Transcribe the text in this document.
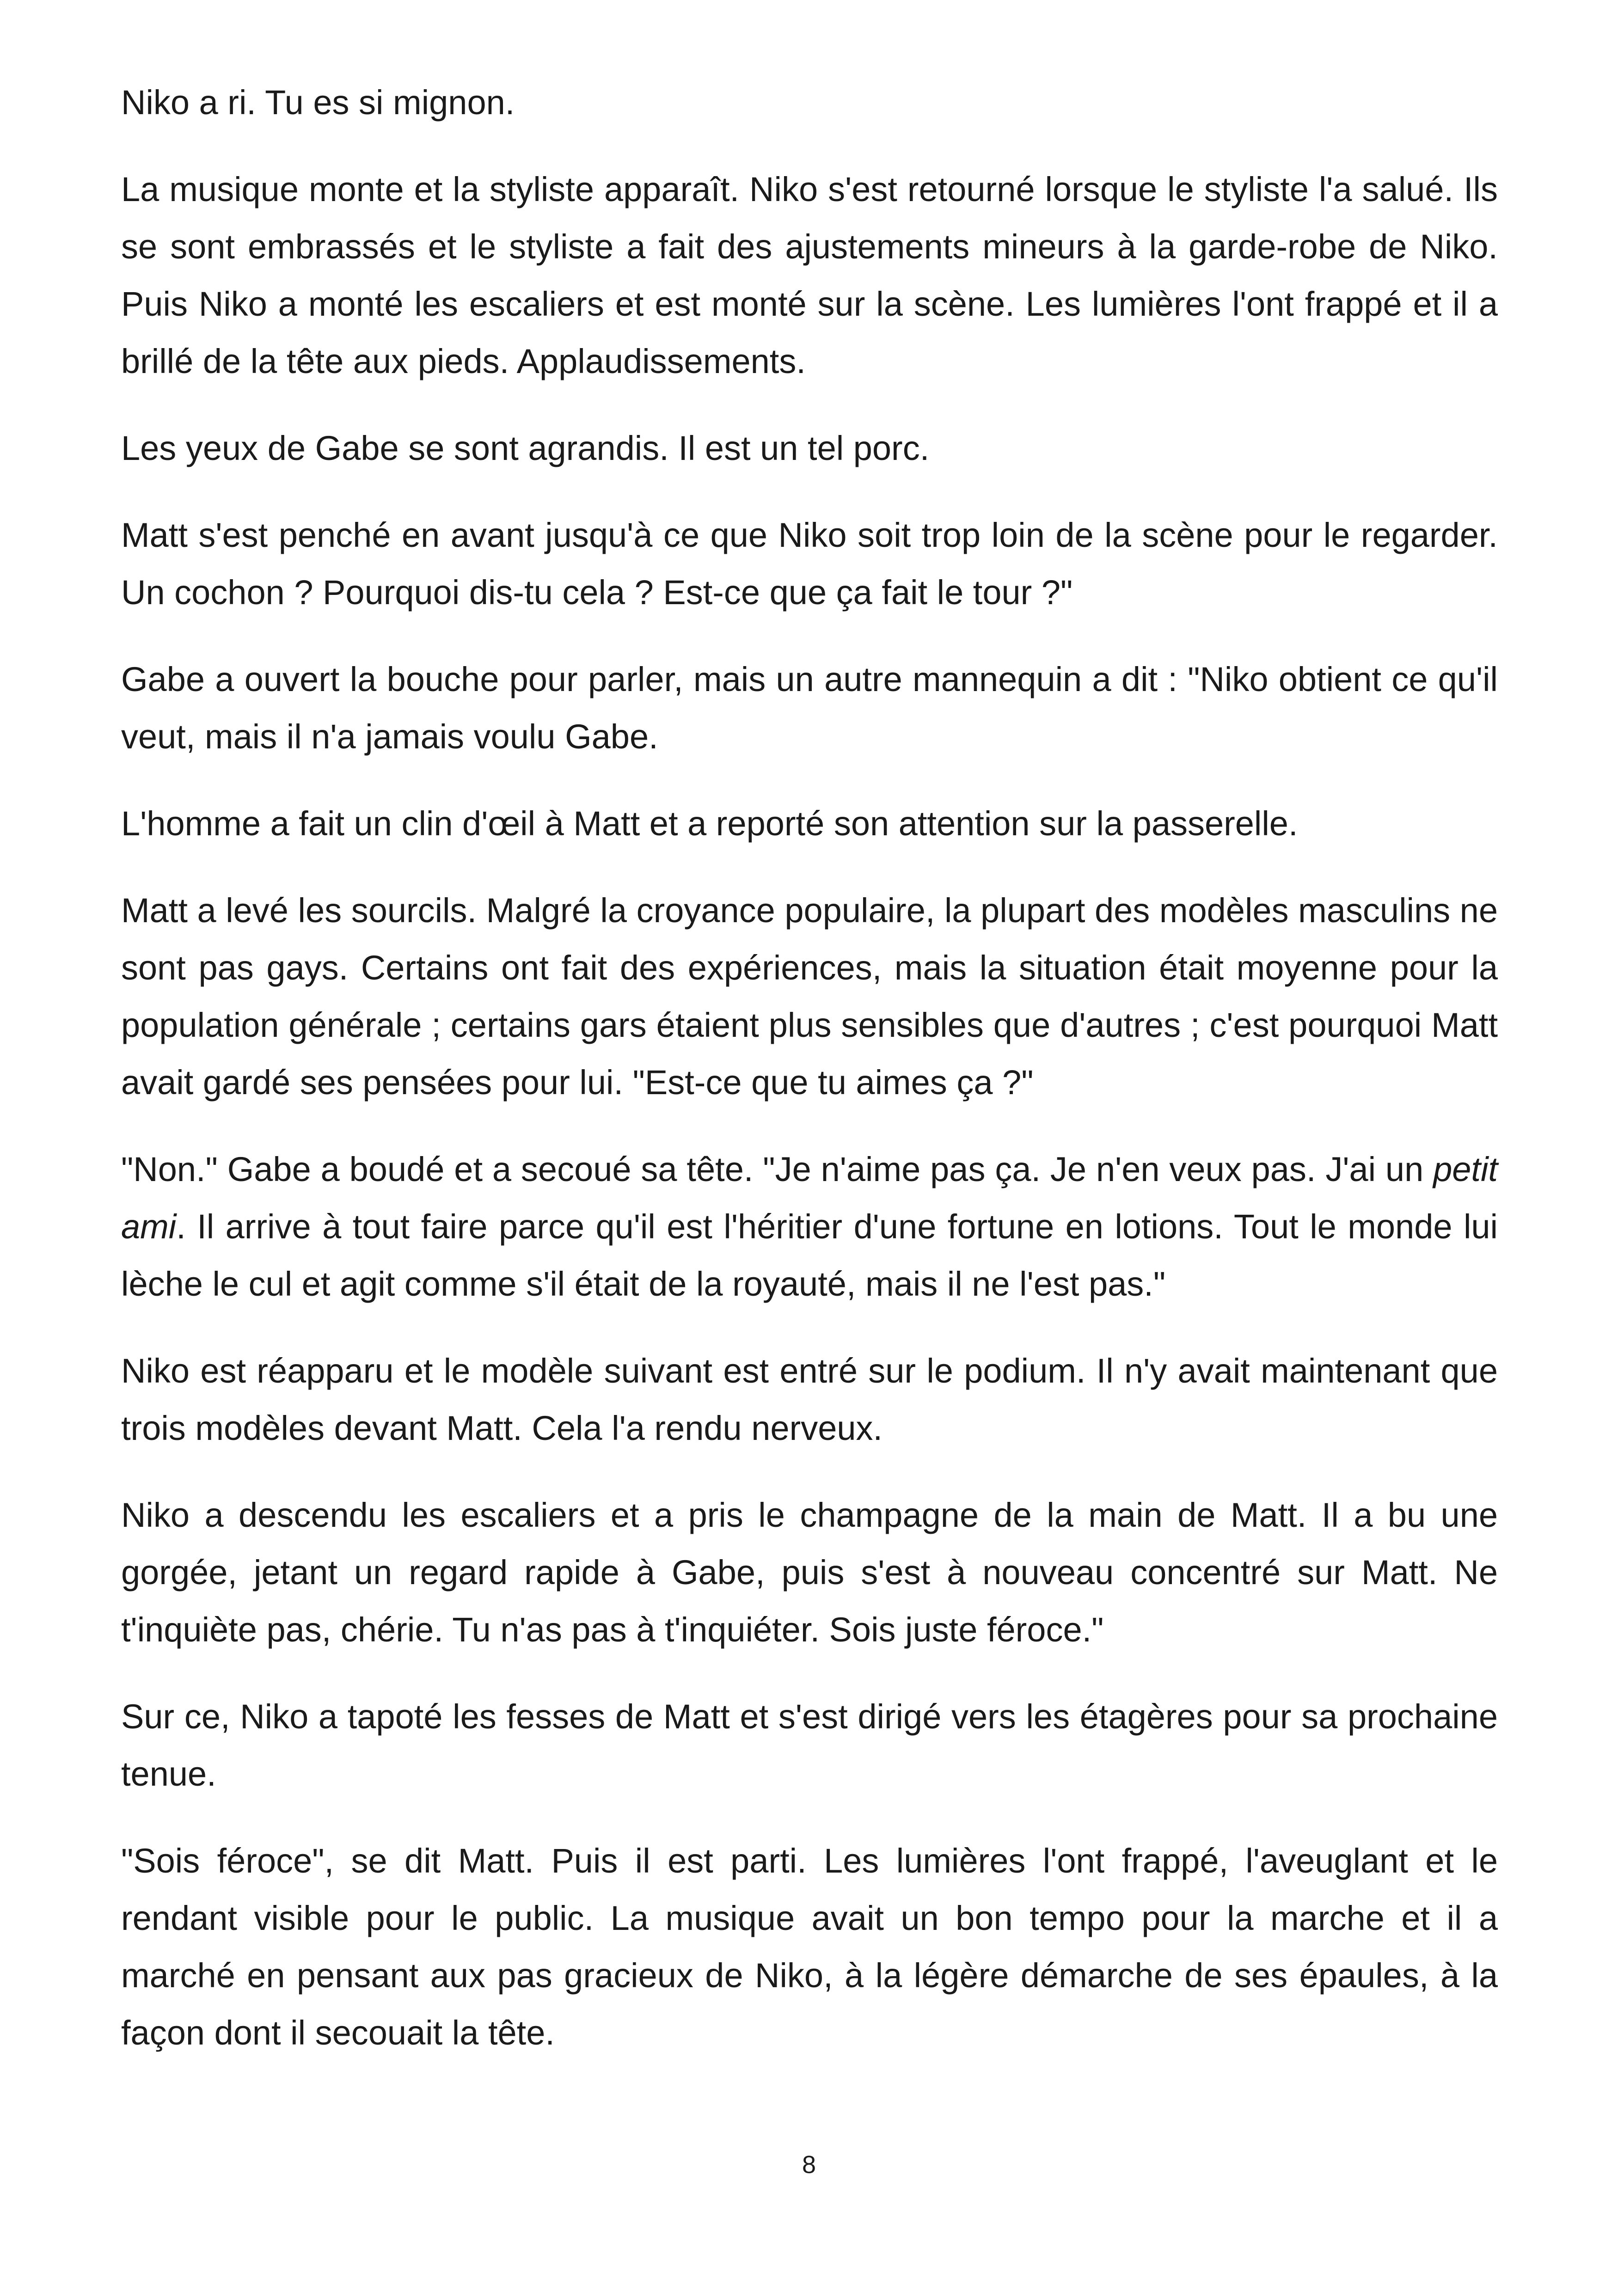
Niko a ri. Tu es si mignon.

La musique monte et la styliste apparaît. Niko s'est retourné lorsque le styliste l'a salué. Ils se sont embrassés et le styliste a fait des ajustements mineurs à la garde-robe de Niko. Puis Niko a monté les escaliers et est monté sur la scène. Les lumières l'ont frappé et il a brillé de la tête aux pieds. Applaudissements.

Les yeux de Gabe se sont agrandis. Il est un tel porc.

Matt s'est penché en avant jusqu'à ce que Niko soit trop loin de la scène pour le regarder. Un cochon ? Pourquoi dis-tu cela ? Est-ce que ça fait le tour ?"

Gabe a ouvert la bouche pour parler, mais un autre mannequin a dit : "Niko obtient ce qu'il veut, mais il n'a jamais voulu Gabe.

L'homme a fait un clin d'œil à Matt et a reporté son attention sur la passerelle.

Matt a levé les sourcils. Malgré la croyance populaire, la plupart des modèles masculins ne sont pas gays. Certains ont fait des expériences, mais la situation était moyenne pour la population générale ; certains gars étaient plus sensibles que d'autres ; c'est pourquoi Matt avait gardé ses pensées pour lui. "Est-ce que tu aimes ça ?"

"Non." Gabe a boudé et a secoué sa tête. "Je n'aime pas ça. Je n'en veux pas. J'ai un petit ami. Il arrive à tout faire parce qu'il est l'héritier d'une fortune en lotions. Tout le monde lui lèche le cul et agit comme s'il était de la royauté, mais il ne l'est pas."

Niko est réapparu et le modèle suivant est entré sur le podium. Il n'y avait maintenant que trois modèles devant Matt. Cela l'a rendu nerveux.

Niko a descendu les escaliers et a pris le champagne de la main de Matt. Il a bu une gorgée, jetant un regard rapide à Gabe, puis s'est à nouveau concentré sur Matt. Ne t'inquiète pas, chérie. Tu n'as pas à t'inquiéter. Sois juste féroce."

Sur ce, Niko a tapoté les fesses de Matt et s'est dirigé vers les étagères pour sa prochaine tenue.

"Sois féroce", se dit Matt. Puis il est parti. Les lumières l'ont frappé, l'aveuglant et le rendant visible pour le public. La musique avait un bon tempo pour la marche et il a marché en pensant aux pas gracieux de Niko, à la légère démarche de ses épaules, à la façon dont il secouait la tête.

8
